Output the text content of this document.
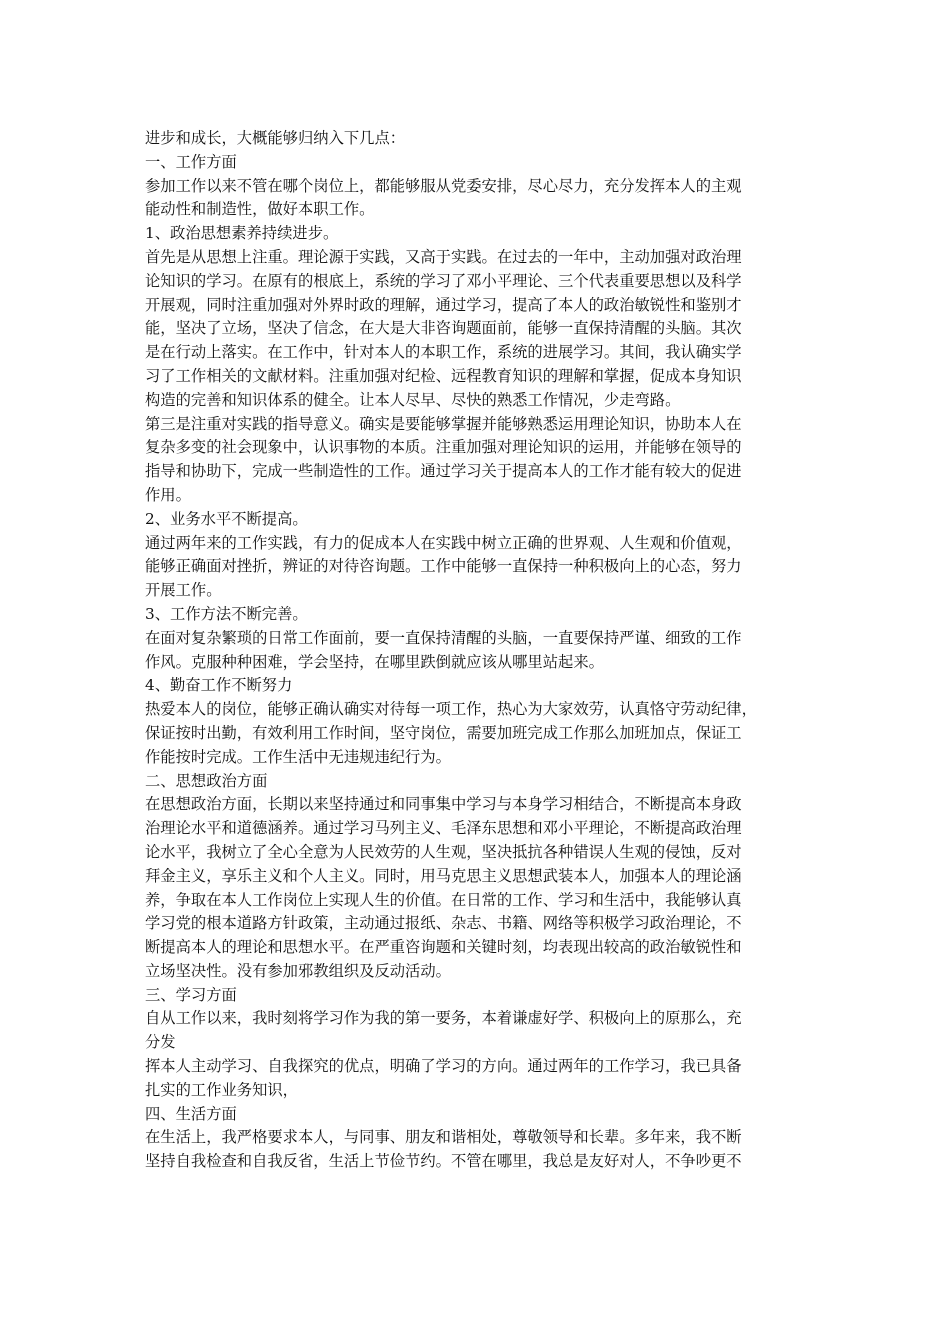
进步和成长，大概能够归纳入下几点：
一、工作方面
参加工作以来不管在哪个岗位上，都能够服从党委安排，尽心尽力，充分发挥本人的主观
能动性和制造性，做好本职工作。
1、政治思想素养持续进步。
首先是从思想上注重。理论源于实践，又高于实践。在过去的一年中，主动加强对政治理
论知识的学习。在原有的根底上，系统的学习了邓小平理论、三个代表重要思想以及科学
开展观，同时注重加强对外界时政的理解，通过学习，提高了本人的政治敏锐性和鉴别才
能，坚决了立场，坚决了信念，在大是大非咨询题面前，能够一直保持清醒的头脑。其次
是在行动上落实。在工作中，针对本人的本职工作，系统的进展学习。其间，我认确实学
习了工作相关的文献材料。注重加强对纪检、远程教育知识的理解和掌握，促成本身知识
构造的完善和知识体系的健全。让本人尽早、尽快的熟悉工作情况，少走弯路。
第三是注重对实践的指导意义。确实是要能够掌握并能够熟悉运用理论知识，协助本人在
复杂多变的社会现象中，认识事物的本质。注重加强对理论知识的运用，并能够在领导的
指导和协助下，完成一些制造性的工作。通过学习关于提高本人的工作才能有较大的促进
作用。
2、业务水平不断提高。
通过两年来的工作实践，有力的促成本人在实践中树立正确的世界观、人生观和价值观，
能够正确面对挫折，辨证的对待咨询题。工作中能够一直保持一种积极向上的心态，努力
开展工作。
3、工作方法不断完善。
在面对复杂繁琐的日常工作面前，要一直保持清醒的头脑，一直要保持严谨、细致的工作
作风。克服种种困难，学会坚持，在哪里跌倒就应该从哪里站起来。
4、勤奋工作不断努力
热爱本人的岗位，能够正确认确实对待每一项工作，热心为大家效劳，认真恪守劳动纪律，
保证按时出勤，有效利用工作时间，坚守岗位，需要加班完成工作那么加班加点，保证工
作能按时完成。工作生活中无违规违纪行为。
二、思想政治方面
在思想政治方面，长期以来坚持通过和同事集中学习与本身学习相结合，不断提高本身政
治理论水平和道德涵养。通过学习马列主义、毛泽东思想和邓小平理论，不断提高政治理
论水平，我树立了全心全意为人民效劳的人生观，坚决抵抗各种错误人生观的侵蚀，反对
拜金主义，享乐主义和个人主义。同时，用马克思主义思想武装本人，加强本人的理论涵
养，争取在本人工作岗位上实现人生的价值。在日常的工作、学习和生活中，我能够认真
学习党的根本道路方针政策，主动通过报纸、杂志、书籍、网络等积极学习政治理论，不
断提高本人的理论和思想水平。在严重咨询题和关键时刻，均表现出较高的政治敏锐性和
立场坚决性。没有参加邪教组织及反动活动。
三、学习方面
自从工作以来，我时刻将学习作为我的第一要务，本着谦虚好学、积极向上的原那么，充
分发
挥本人主动学习、自我探究的优点，明确了学习的方向。通过两年的工作学习，我已具备
扎实的工作业务知识，
四、生活方面
在生活上，我严格要求本人，与同事、朋友和谐相处，尊敬领导和长辈。多年来，我不断
坚持自我检查和自我反省，生活上节俭节约。不管在哪里，我总是友好对人，不争吵更不
